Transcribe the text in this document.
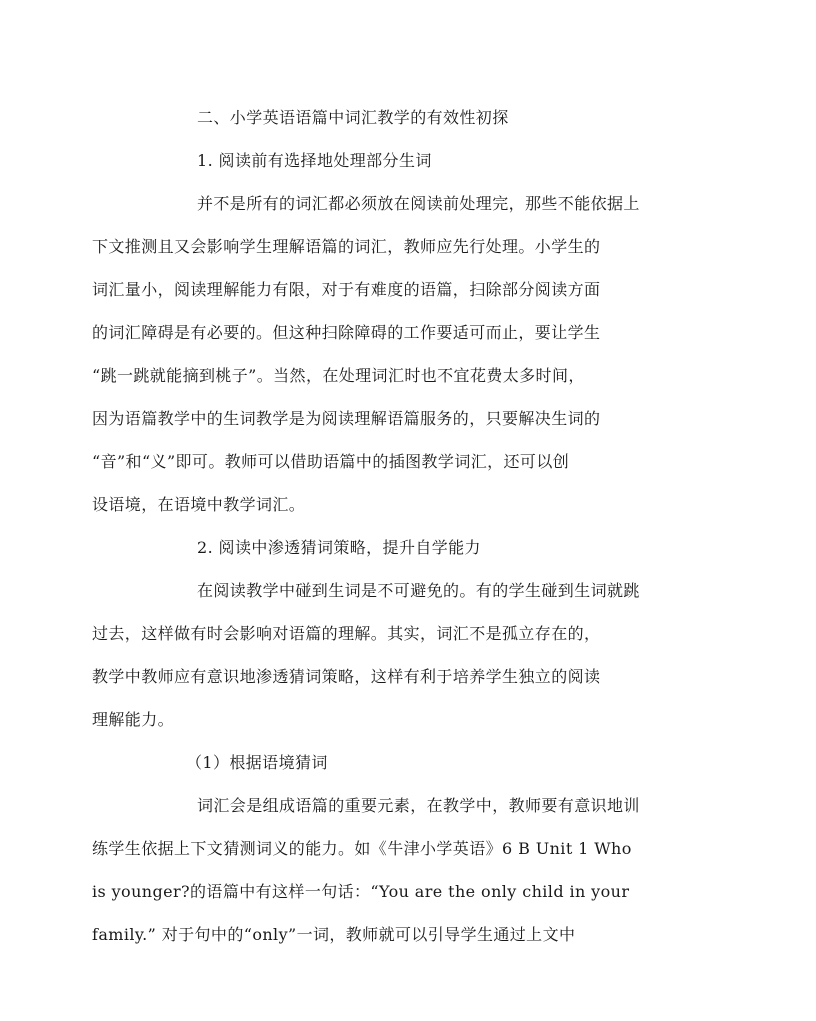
二、小学英语语篇中词汇教学的有效性初探
1. 阅读前有选择地处理部分生词
并不是所有的词汇都必须放在阅读前处理完，那些不能依据上
下文推测且又会影响学生理解语篇的词汇，教师应先行处理。小学生的
词汇量小，阅读理解能力有限，对于有难度的语篇，扫除部分阅读方面
的词汇障碍是有必要的。但这种扫除障碍的工作要适可而止，要让学生
“跳一跳就能摘到桃子”。当然，在处理词汇时也不宜花费太多时间，
因为语篇教学中的生词教学是为阅读理解语篇服务的，只要解决生词的
“音”和“义”即可。教师可以借助语篇中的插图教学词汇，还可以创
设语境，在语境中教学词汇。
2. 阅读中渗透猜词策略，提升自学能力
在阅读教学中碰到生词是不可避免的。有的学生碰到生词就跳
过去，这样做有时会影响对语篇的理解。其实，词汇不是孤立存在的，
教学中教师应有意识地渗透猜词策略，这样有利于培养学生独立的阅读
理解能力。
（1）根据语境猜词
词汇会是组成语篇的重要元素，在教学中，教师要有意识地训
练学生依据上下文猜测词义的能力。如《牛津小学英语》6 B Unit 1 Who
is younger?的语篇中有这样一句话：“You are the only child in your
family.” 对于句中的“only”一词，教师就可以引导学生通过上文中
